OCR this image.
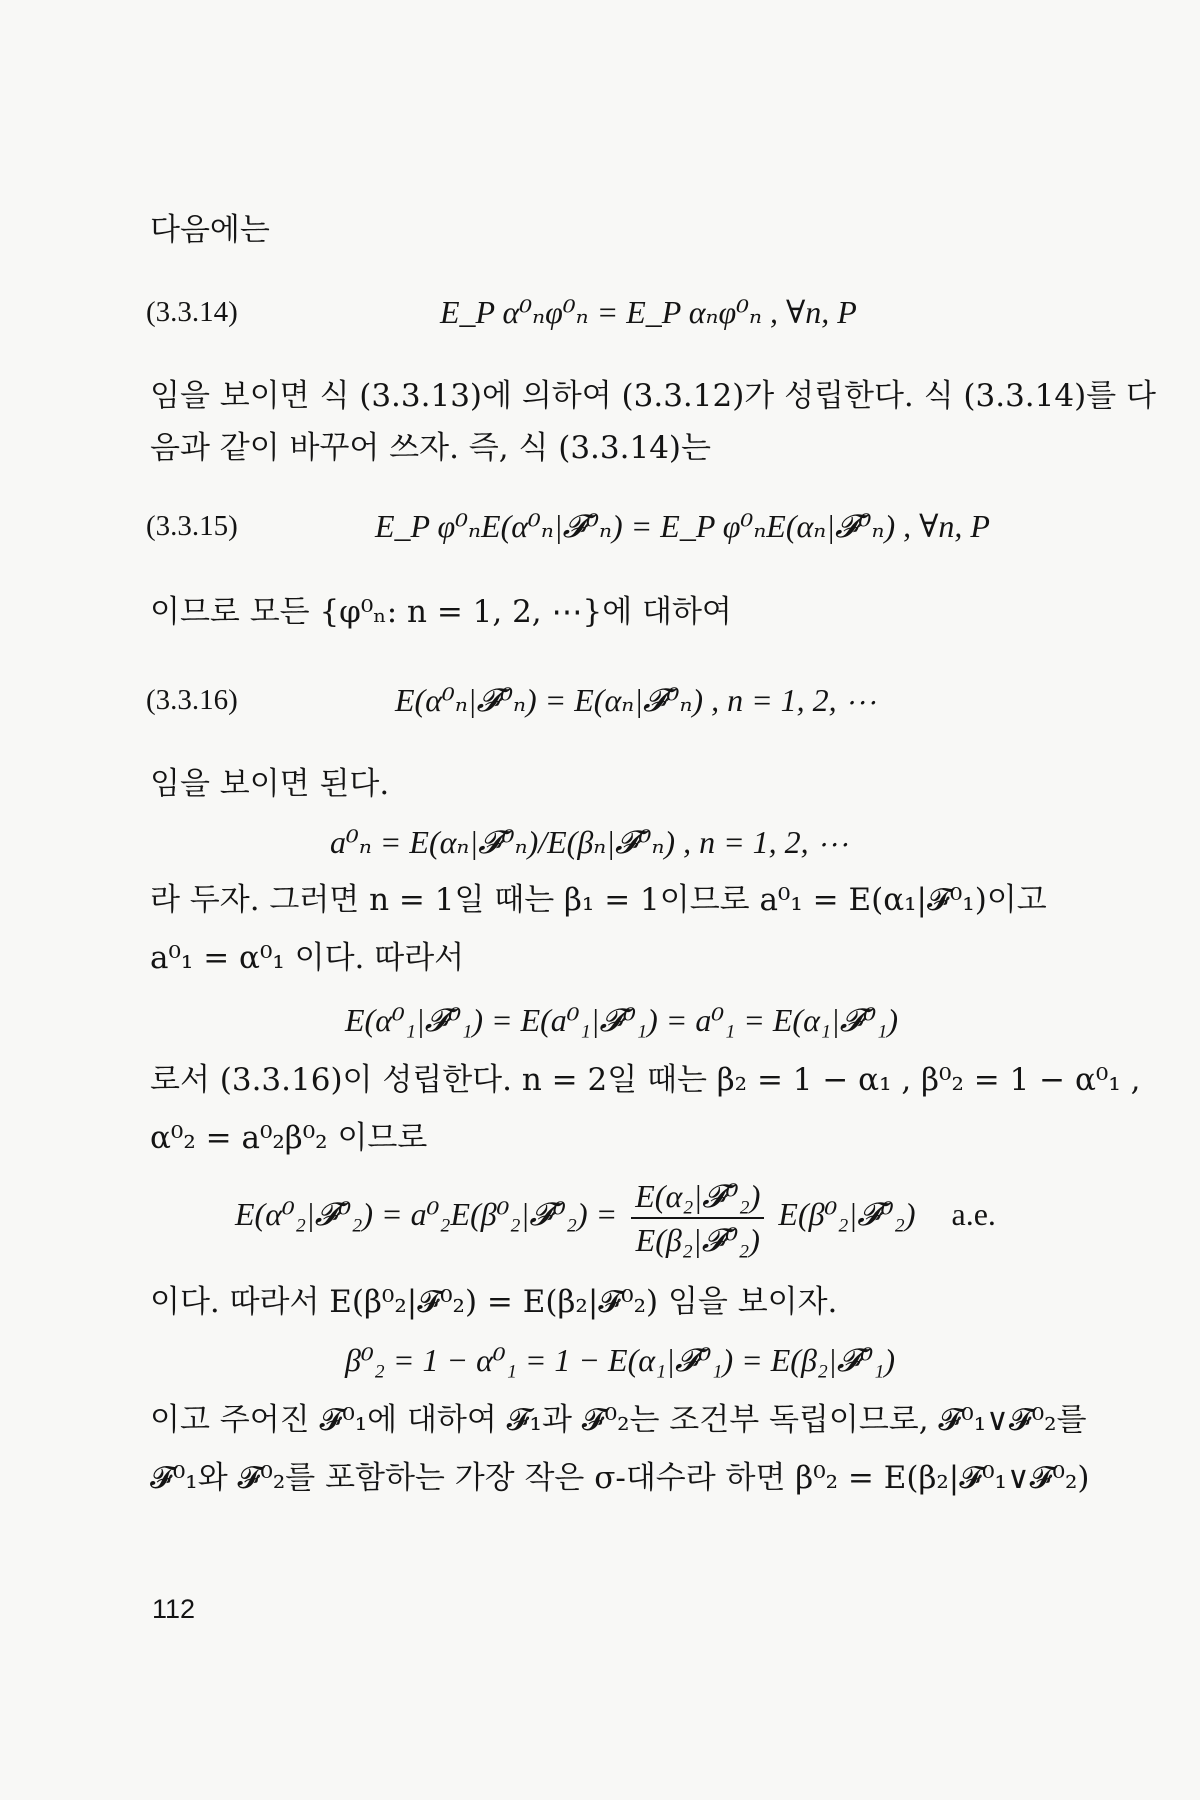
다음에는
(3.3.14)	E_P α⁰ₙφ⁰ₙ = E_P αₙφ⁰ₙ , ∀n, P
임을 보이면 식 (3.3.13)에 의하여 (3.3.12)가 성립한다. 식 (3.3.14)를 다
음과 같이 바꾸어 쓰자. 즉, 식 (3.3.14)는
(3.3.15)	E_P φ⁰ₙE(α⁰ₙ|𝓕⁰ₙ) = E_P φ⁰ₙE(αₙ|𝓕⁰ₙ) , ∀n, P
이므로 모든 {φ⁰ₙ: n = 1, 2, ⋯}에 대하여
(3.3.16)	E(α⁰ₙ|𝓕⁰ₙ) = E(αₙ|𝓕⁰ₙ) , n = 1, 2, ⋯
임을 보이면 된다.
a⁰ₙ = E(αₙ|𝓕⁰ₙ)/E(βₙ|𝓕⁰ₙ) , n = 1, 2, ⋯
라 두자. 그러면 n = 1일 때는 β₁ = 1이므로 a⁰₁ = E(α₁|𝓕⁰₁)이고
a⁰₁ = α⁰₁ 이다. 따라서
E(α⁰₁|𝓕⁰₁) = E(a⁰₁|𝓕⁰₁) = a⁰₁ = E(α₁|𝓕⁰₁)
로서 (3.3.16)이 성립한다. n = 2일 때는 β₂ = 1 − α₁ , β⁰₂ = 1 − α⁰₁ ,
α⁰₂ = a⁰₂β⁰₂ 이므로
E(α⁰₂|𝓕⁰₂) = a⁰₂E(β⁰₂|𝓕⁰₂) = $\frac{\text{E(α₂|𝓕⁰₂)}}{\text{E(β₂|𝓕⁰₂)}}$ E(β⁰₂|𝓕⁰₂) a.e.
이다. 따라서 E(β⁰₂|𝓕⁰₂) = E(β₂|𝓕⁰₂) 임을 보이자.
β⁰₂ = 1 − α⁰₁ = 1 − E(α₁|𝓕⁰₁) = E(β₂|𝓕⁰₁)
이고 주어진 𝓕⁰₁에 대하여 𝓕₁과 𝓕⁰₂는 조건부 독립이므로, 𝓕⁰₁∨𝓕⁰₂를
𝓕⁰₁와 𝓕⁰₂를 포함하는 가장 작은 σ-대수라 하면 β⁰₂ = E(β₂|𝓕⁰₁∨𝓕⁰₂)
112
